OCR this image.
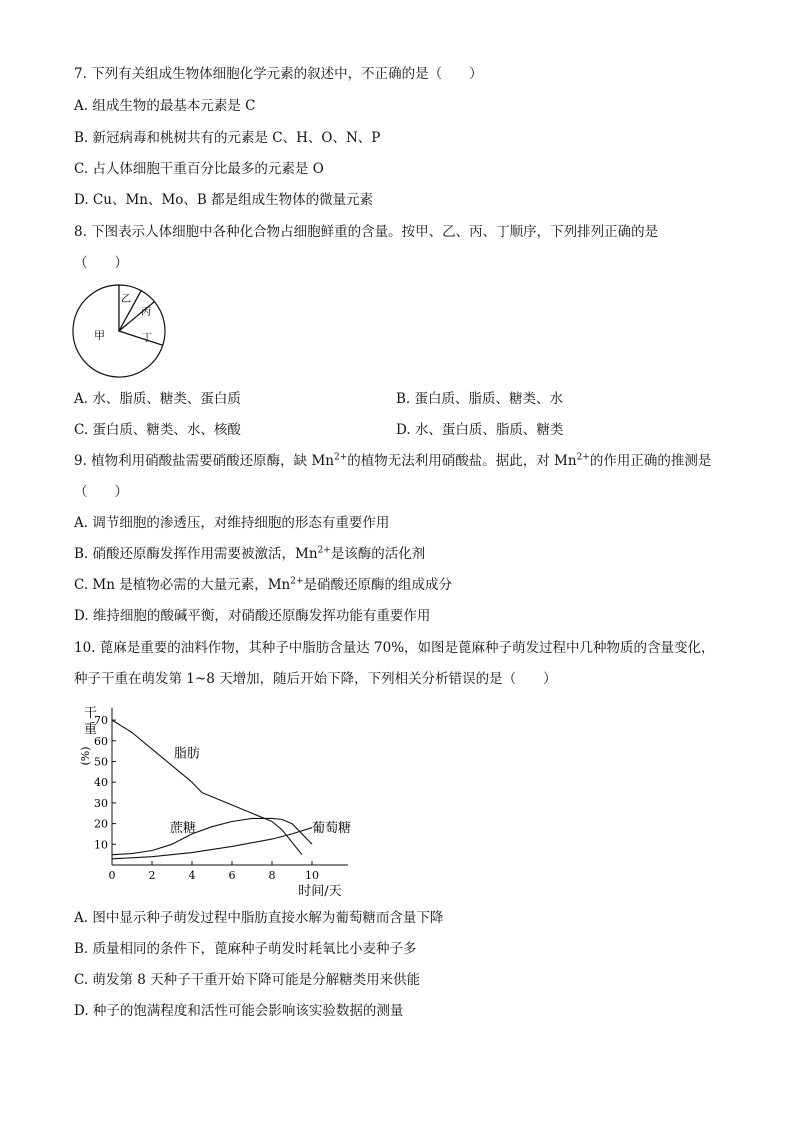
7. 下列有关组成生物体细胞化学元素的叙述中，不正确的是（　　）
A. 组成生物的最基本元素是 C
B. 新冠病毒和桃树共有的元素是 C、H、O、N、P
C. 占人体细胞干重百分比最多的元素是 O
D. Cu、Mn、Mo、B 都是组成生物体的微量元素
8. 下图表示人体细胞中各种化合物占细胞鲜重的含量。按甲、乙、丙、丁顺序，下列排列正确的是
（　　）
甲
乙
丙
丁
A. 水、脂质、糖类、蛋白质	B. 蛋白质、脂质、糖类、水
C. 蛋白质、糖类、水、核酸	D. 水、蛋白质、脂质、糖类
9. 植物利用硝酸盐需要硝酸还原酶，缺 $Mn^{2+}$的植物无法利用硝酸盐。据此，对 $Mn^{2+}$的作用正确的推测是
（　　）
A. 调节细胞的渗透压，对维持细胞的形态有重要作用
B. 硝酸还原酶发挥作用需要被激活，$Mn^{2+}$是该酶的活化剂
C. Mn 是植物必需的大量元素，$Mn^{2+}$是硝酸还原酶的组成成分
D. 维持细胞的酸碱平衡，对硝酸还原酶发挥功能有重要作用
10. 蓖麻是重要的油料作物，其种子中脂肪含量达 70%，如图是蓖麻种子萌发过程中几种物质的含量变化，
种子干重在萌发第 1~8 天增加，随后开始下降，下列相关分析错误的是（　　）
0	2	4	6	8	10
10
20
30
40
50
60
70
干
重
(%)
时间/天
脂肪
蔗糖	葡萄糖
A. 图中显示种子萌发过程中脂肪直接水解为葡萄糖而含量下降
B. 质量相同的条件下，蓖麻种子萌发时耗氧比小麦种子多
C. 萌发第 8 天种子干重开始下降可能是分解糖类用来供能
D. 种子的饱满程度和活性可能会影响该实验数据的测量
